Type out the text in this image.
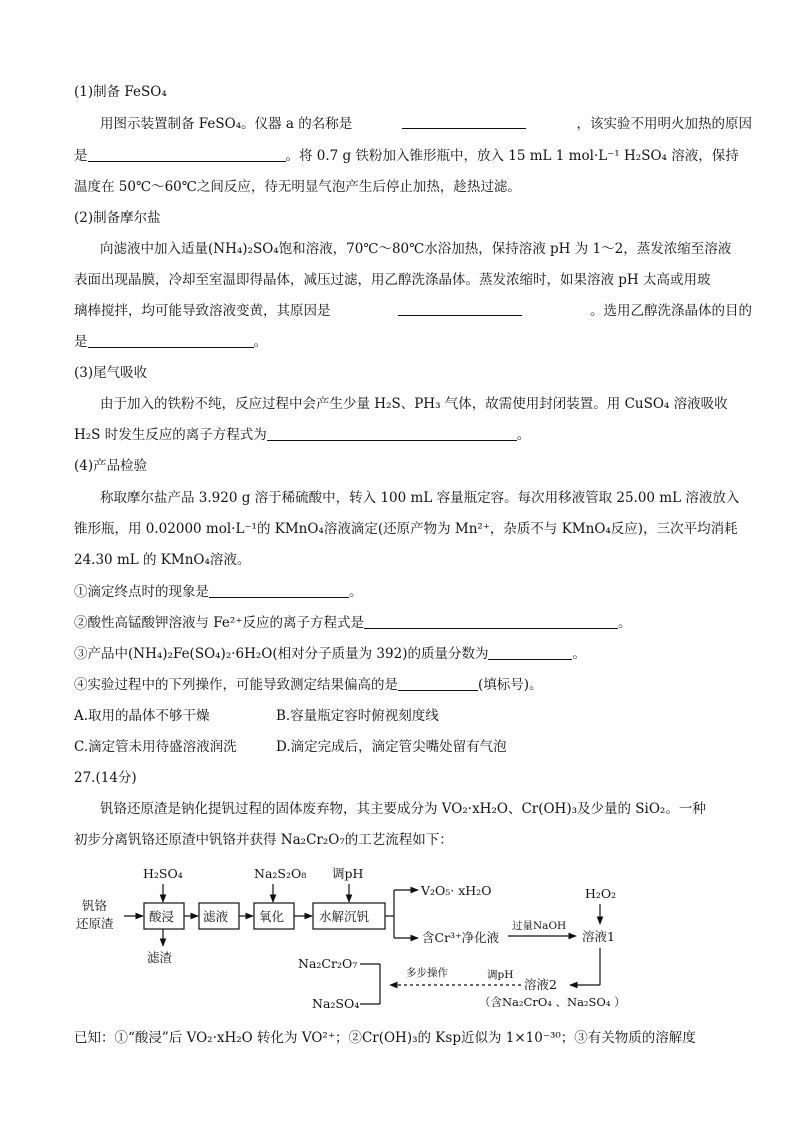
(1)制备 FeSO₄
用图示装置制备 FeSO₄。仪器 a 的名称是	，该实验不用明火加热的原因
是	。将 0.7 g 铁粉加入锥形瓶中，放入 15 mL 1 mol·L⁻¹ H₂SO₄ 溶液，保持
温度在 50℃～60℃之间反应，待无明显气泡产生后停止加热，趁热过滤。
(2)制备摩尔盐
向滤液中加入适量(NH₄)₂SO₄饱和溶液，70℃～80℃水浴加热，保持溶液 pH 为 1～2，蒸发浓缩至溶液
表面出现晶膜，冷却至室温即得晶体，减压过滤，用乙醇洗涤晶体。蒸发浓缩时，如果溶液 pH 太高或用玻
璃棒搅拌，均可能导致溶液变黄，其原因是	。选用乙醇洗涤晶体的目的
是	。
(3)尾气吸收
由于加入的铁粉不纯，反应过程中会产生少量 H₂S、PH₃ 气体，故需使用封闭装置。用 CuSO₄ 溶液吸收
H₂S 时发生反应的离子方程式为	。
(4)产品检验
称取摩尔盐产品 3.920 g 溶于稀硫酸中，转入 100 mL 容量瓶定容。每次用移液管取 25.00 mL 溶液放入
锥形瓶，用 0.02000 mol·L⁻¹的 KMnO₄溶液滴定(还原产物为 Mn²⁺，杂质不与 KMnO₄反应)，三次平均消耗
24.30 mL 的 KMnO₄溶液。
①滴定终点时的现象是	。
②酸性高锰酸钾溶液与 Fe²⁺反应的离子方程式是	。
③产品中(NH₄)₂Fe(SO₄)₂·6H₂O(相对分子质量为 392)的质量分数为	。
④实验过程中的下列操作，可能导致测定结果偏高的是	(填标号)。
A.取用的晶体不够干燥	B.容量瓶定容时俯视刻度线
C.滴定管未用待盛溶液润洗	D.滴定完成后，滴定管尖嘴处留有气泡
27.(14分)
钒铬还原渣是钠化提钒过程的固体废弃物，其主要成分为 VO₂·xH₂O、Cr(OH)₃及少量的 SiO₂。一种
初步分离钒铬还原渣中钒铬并获得 Na₂Cr₂O₇的工艺流程如下：
钒铬
还原渣
H₂SO₄
酸浸
滤渣
滤液
Na₂S₂O₈
氧化
调pH
水解沉钒
V₂O₅· xH₂O
含Cr³⁺净化液
过量NaOH
H₂O₂
溶液1
溶液2
（含Na₂CrO₄ 、Na₂SO₄ ）
调pH
多步操作
Na₂Cr₂O₇
Na₂SO₄
已知：①“酸浸”后 VO₂·xH₂O 转化为 VO²⁺；②Cr(OH)₃的 Ksp近似为 1×10⁻³⁰；③有关物质的溶解度
